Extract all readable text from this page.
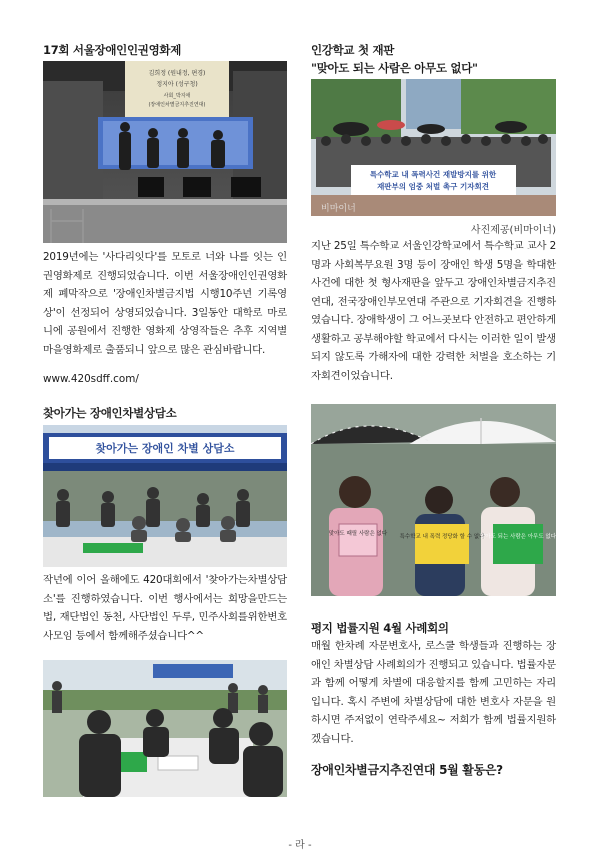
17회 서울장애인인권영화제
김희정 (원내정, 편경)
정지아 (성구청)
사회_박지애
(장애인차별금지추진연대)
2019년에는 '사다리잇다'를 모토로 너와 나를 잇는 인권영화제로 진행되었습니다. 이번 서울장애인인권영화제 폐막작으로 '장애인차별금지법 시행10주년 기록영상'이 선정되어 상영되었습니다. 3일동안 대학로 마로니에 공원에서 진행한 영화제 상영작들은 추후 지역별 마을영화제로 출품되니 앞으로 많은 관심바랍니다.
www.420sdff.com/
찾아가는 장애인차별상담소
찾아가는 장애인 차별 상담소
작년에 이어 올해에도 420대회에서 '찾아가는차별상담소'를 진행하였습니다. 이번 행사에서는 희망을만드는법, 재단법인 동천, 사단법인 두루, 민주사회를위한변호사모임 등에서 함께해주셨습니다^^
인강학교 첫 재판
"맞아도 되는 사람은 아무도 없다"
특수학교 내 폭력사건 재발방지를 위한
재판부의 엄중 처벌 촉구 기자회견
비마이너
사진제공(비마이너)
지난 25일 특수학교 서울인강학교에서 특수학교 교사 2명과 사회복무요원 3명 등이 장애인 학생 5명을 학대한 사건에 대한 첫 형사재판을 앞두고 장애인차별금지추진연대, 전국장애인부모연대 주관으로 기자회견을 진행하였습니다. 장애학생이 그 어느곳보다 안전하고 편안하게 생활하고 공부해야할 학교에서 다시는 이러한 일이 발생되지 않도록 가해자에 대한 강력한 처벌을 호소하는 기자회견이었습니다.
맞아도 때릴 사람은 없다 특수학교 내 폭력 정당화 할 수 없다
맞아도 되는 사람은 아무도 없다
평지 법률지원 4월 사례회의
매월 한차례 자문변호사, 로스쿨 학생들과 진행하는 장애인 차별상담 사례회의가 진행되고 있습니다. 법률자문과 함께 어떻게 차별에 대응할지를 함께 고민하는 자리입니다. 혹시 주변에 차별상담에 대한 변호사 자문을 원하시면 주저없이 연락주세요~ 저희가 함께 법률지원하겠습니다.
장애인차별금지추진연대 5월 활동은?
- 라 -
